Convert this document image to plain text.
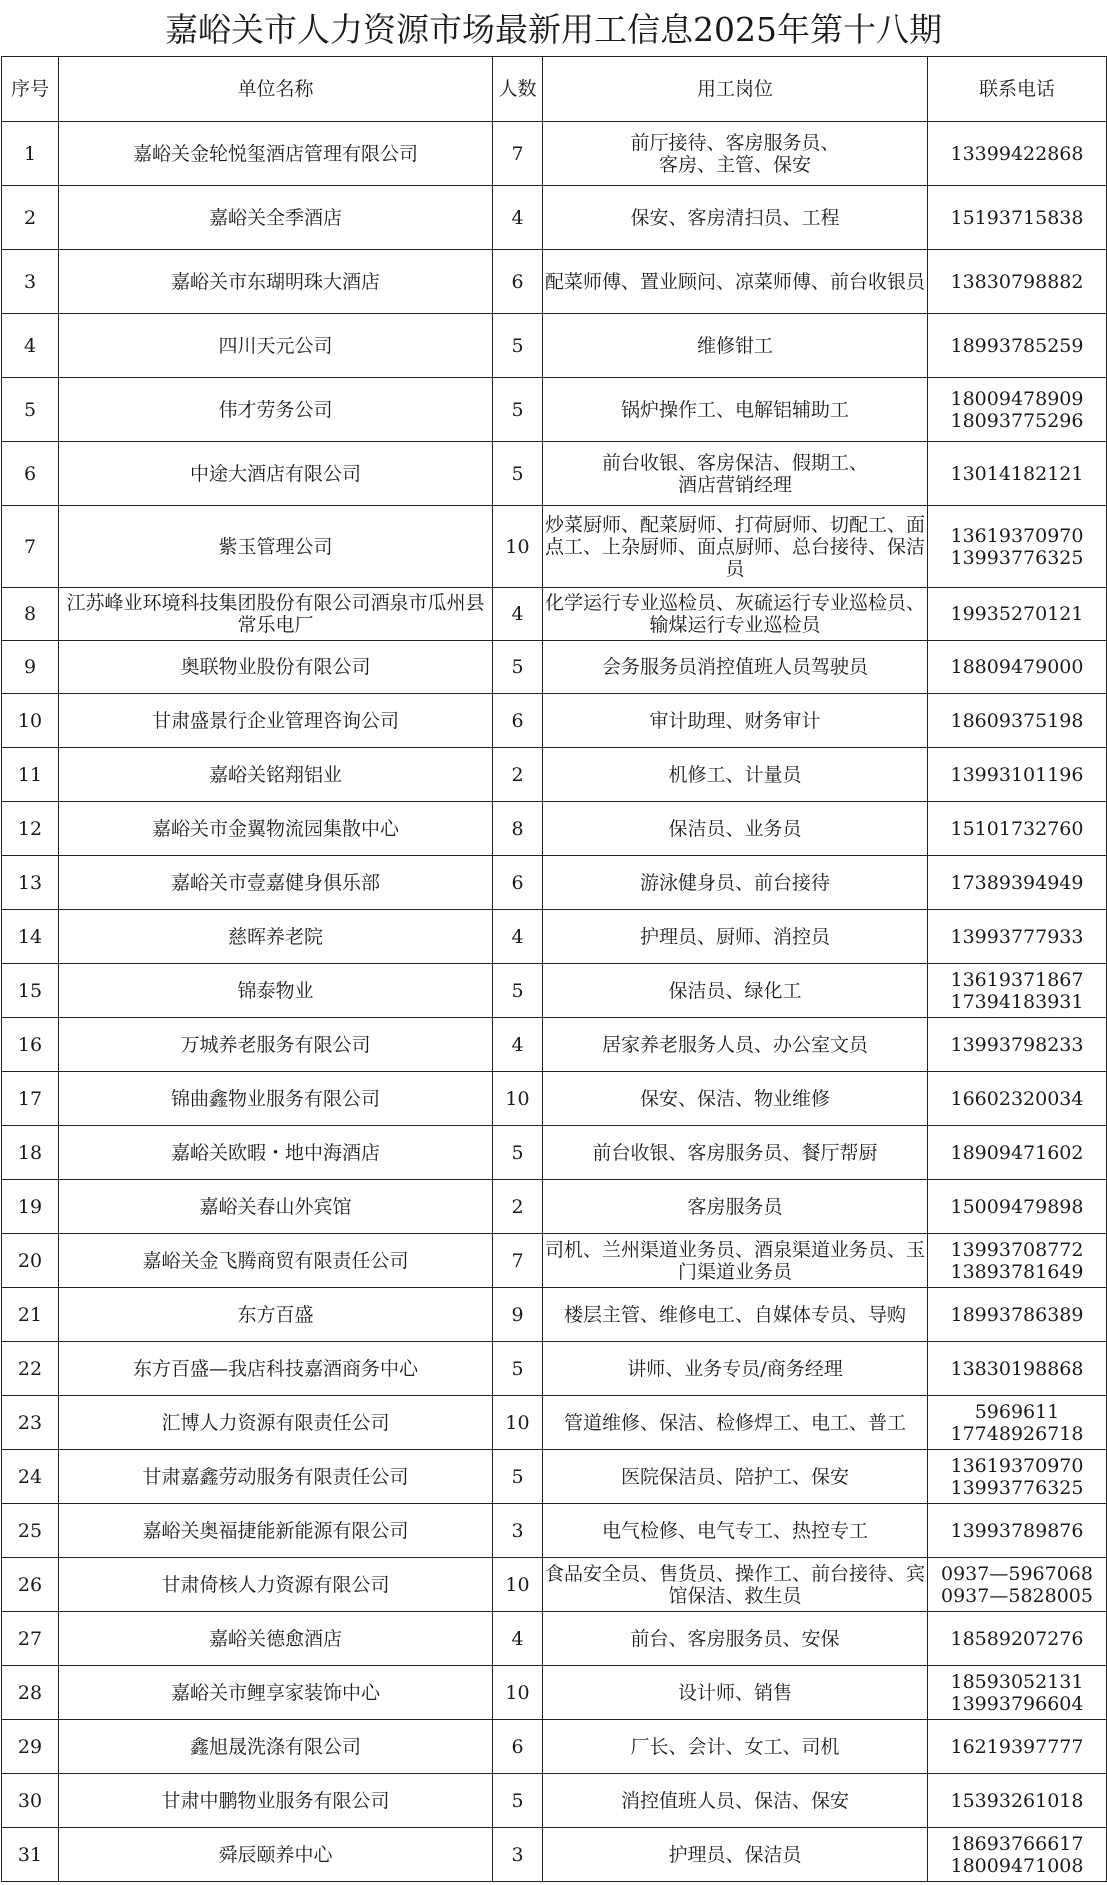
嘉峪关市人力资源市场最新用工信息2025年第十八期
序号	单位名称	人数	用工岗位	联系电话
1	嘉峪关金轮悦玺酒店管理有限公司	7	前厅接待、客房服务员、
客房、主管、保安	13399422868
2	嘉峪关全季酒店	4	保安、客房清扫员、工程	15193715838
3	嘉峪关市东瑚明珠大酒店	6	配菜师傅、置业顾问、凉菜师傅、前台收银员	13830798882
4	四川天元公司	5	维修钳工	18993785259
5	伟才劳务公司	5	锅炉操作工、电解铝辅助工	18009478909
18093775296
6	中途大酒店有限公司	5	前台收银、客房保洁、假期工、
酒店营销经理	13014182121
7	紫玉管理公司	10	炒菜厨师、配菜厨师、打荷厨师、切配工、面点工、上杂厨师、面点厨师、总台接待、保洁员	13619370970
13993776325
8	江苏峰业环境科技集团股份有限公司酒泉市瓜州县常乐电厂	4	化学运行专业巡检员、灰硫运行专业巡检员、输煤运行专业巡检员	19935270121
9	奥联物业股份有限公司	5	会务服务员消控值班人员驾驶员	18809479000
10	甘肃盛景行企业管理咨询公司	6	审计助理、财务审计	18609375198
11	嘉峪关铭翔铝业	2	机修工、计量员	13993101196
12	嘉峪关市金翼物流园集散中心	8	保洁员、业务员	15101732760
13	嘉峪关市壹嘉健身俱乐部	6	游泳健身员、前台接待	17389394949
14	慈晖养老院	4	护理员、厨师、消控员	13993777933
15	锦泰物业	5	保洁员、绿化工	13619371867
17394183931
16	万城养老服务有限公司	4	居家养老服务人员、办公室文员	13993798233
17	锦曲鑫物业服务有限公司	10	保安、保洁、物业维修	16602320034
18	嘉峪关欧暇・地中海酒店	5	前台收银、客房服务员、餐厅帮厨	18909471602
19	嘉峪关春山外宾馆	2	客房服务员	15009479898
20	嘉峪关金飞腾商贸有限责任公司	7	司机、兰州渠道业务员、酒泉渠道业务员、玉门渠道业务员	13993708772
13893781649
21	东方百盛	9	楼层主管、维修电工、自媒体专员、导购	18993786389
22	东方百盛—我店科技嘉酒商务中心	5	讲师、业务专员/商务经理	13830198868
23	汇博人力资源有限责任公司	10	管道维修、保洁、检修焊工、电工、普工	5969611
17748926718
24	甘肃嘉鑫劳动服务有限责任公司	5	医院保洁员、陪护工、保安	13619370970
13993776325
25	嘉峪关奥福捷能新能源有限公司	3	电气检修、电气专工、热控专工	13993789876
26	甘肃倚核人力资源有限公司	10	食品安全员、售货员、操作工、前台接待、宾馆保洁、救生员	0937—5967068
0937—5828005
27	嘉峪关德愈酒店	4	前台、客房服务员、安保	18589207276
28	嘉峪关市鲤享家装饰中心	10	设计师、销售	18593052131
13993796604
29	鑫旭晟洗涤有限公司	6	厂长、会计、女工、司机	16219397777
30	甘肃中鹏物业服务有限公司	5	消控值班人员、保洁、保安	15393261018
31	舜辰颐养中心	3	护理员、保洁员	18693766617
18009471008
